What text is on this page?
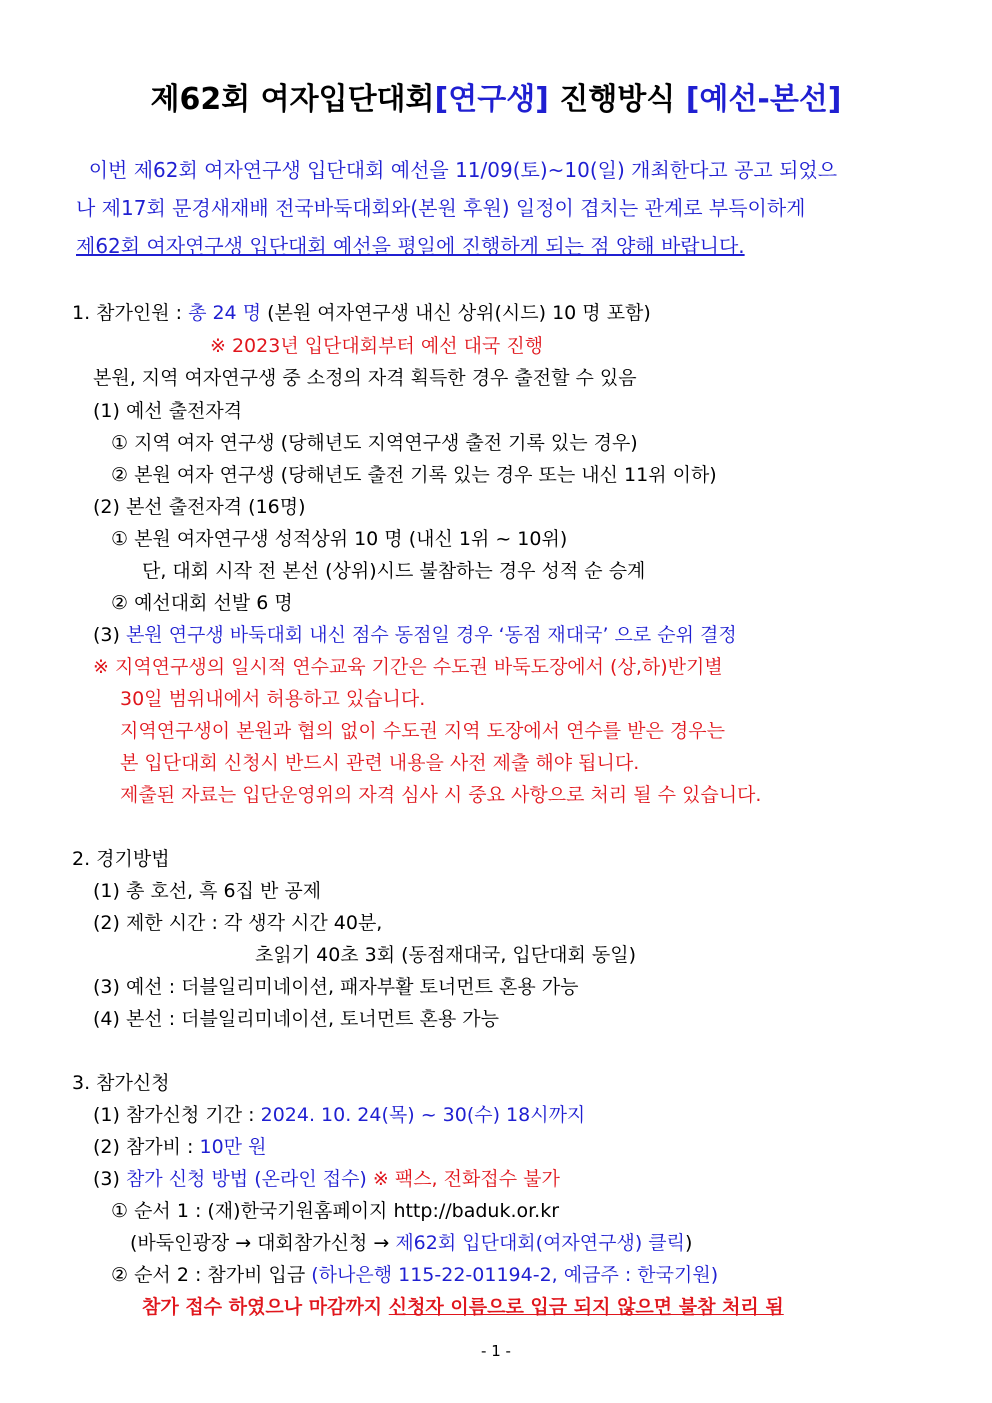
제62회 여자입단대회[연구생] 진행방식 [예선-본선]
이번 제62회 여자연구생 입단대회 예선을 11/09(토)~10(일) 개최한다고 공고 되었으
나 제17회 문경새재배 전국바둑대회와(본원 후원) 일정이 겹치는 관계로 부득이하게
제62회 여자연구생 입단대회 예선을 평일에 진행하게 되는 점 양해 바랍니다.
1. 참가인원 : 총 24 명 (본원 여자연구생 내신 상위(시드) 10 명 포함)
※ 2023년 입단대회부터 예선 대국 진행
본원, 지역 여자연구생 중 소정의 자격 획득한 경우 출전할 수 있음
(1) 예선 출전자격
① 지역 여자 연구생 (당해년도 지역연구생 출전 기록 있는 경우)
② 본원 여자 연구생 (당해년도 출전 기록 있는 경우 또는 내신 11위 이하)
(2) 본선 출전자격 (16명)
① 본원 여자연구생 성적상위 10 명 (내신 1위 ~ 10위)
단, 대회 시작 전 본선 (상위)시드 불참하는 경우 성적 순 승계
② 예선대회 선발 6 명
(3) 본원 연구생 바둑대회 내신 점수 동점일 경우 ‘동점 재대국’ 으로 순위 결정
※ 지역연구생의 일시적 연수교육 기간은 수도권 바둑도장에서 (상,하)반기별
30일 범위내에서 허용하고 있습니다.
지역연구생이 본원과 협의 없이 수도권 지역 도장에서 연수를 받은 경우는
본 입단대회 신청시 반드시 관련 내용을 사전 제출 해야 됩니다.
제출된 자료는 입단운영위의 자격 심사 시 중요 사항으로 처리 될 수 있습니다.
2. 경기방법
(1) 총 호선, 흑 6집 반 공제
(2) 제한 시간 : 각 생각 시간 40분,
초읽기 40초 3회 (동점재대국, 입단대회 동일)
(3) 예선 : 더블일리미네이션, 패자부활 토너먼트 혼용 가능
(4) 본선 : 더블일리미네이션, 토너먼트 혼용 가능
3. 참가신청
(1) 참가신청 기간 : 2024. 10. 24(목) ~ 30(수) 18시까지
(2) 참가비 : 10만 원
(3) 참가 신청 방법 (온라인 접수) ※ 팩스, 전화접수 불가
① 순서 1 : (재)한국기원홈페이지 http://baduk.or.kr
(바둑인광장 → 대회참가신청 → 제62회 입단대회(여자연구생) 클릭)
② 순서 2 : 참가비 입금 (하나은행 115-22-01194-2, 예금주 : 한국기원)
참가 접수 하였으나 마감까지 신청자 이름으로 입금 되지 않으면 불참 처리 됨
- 1 -
